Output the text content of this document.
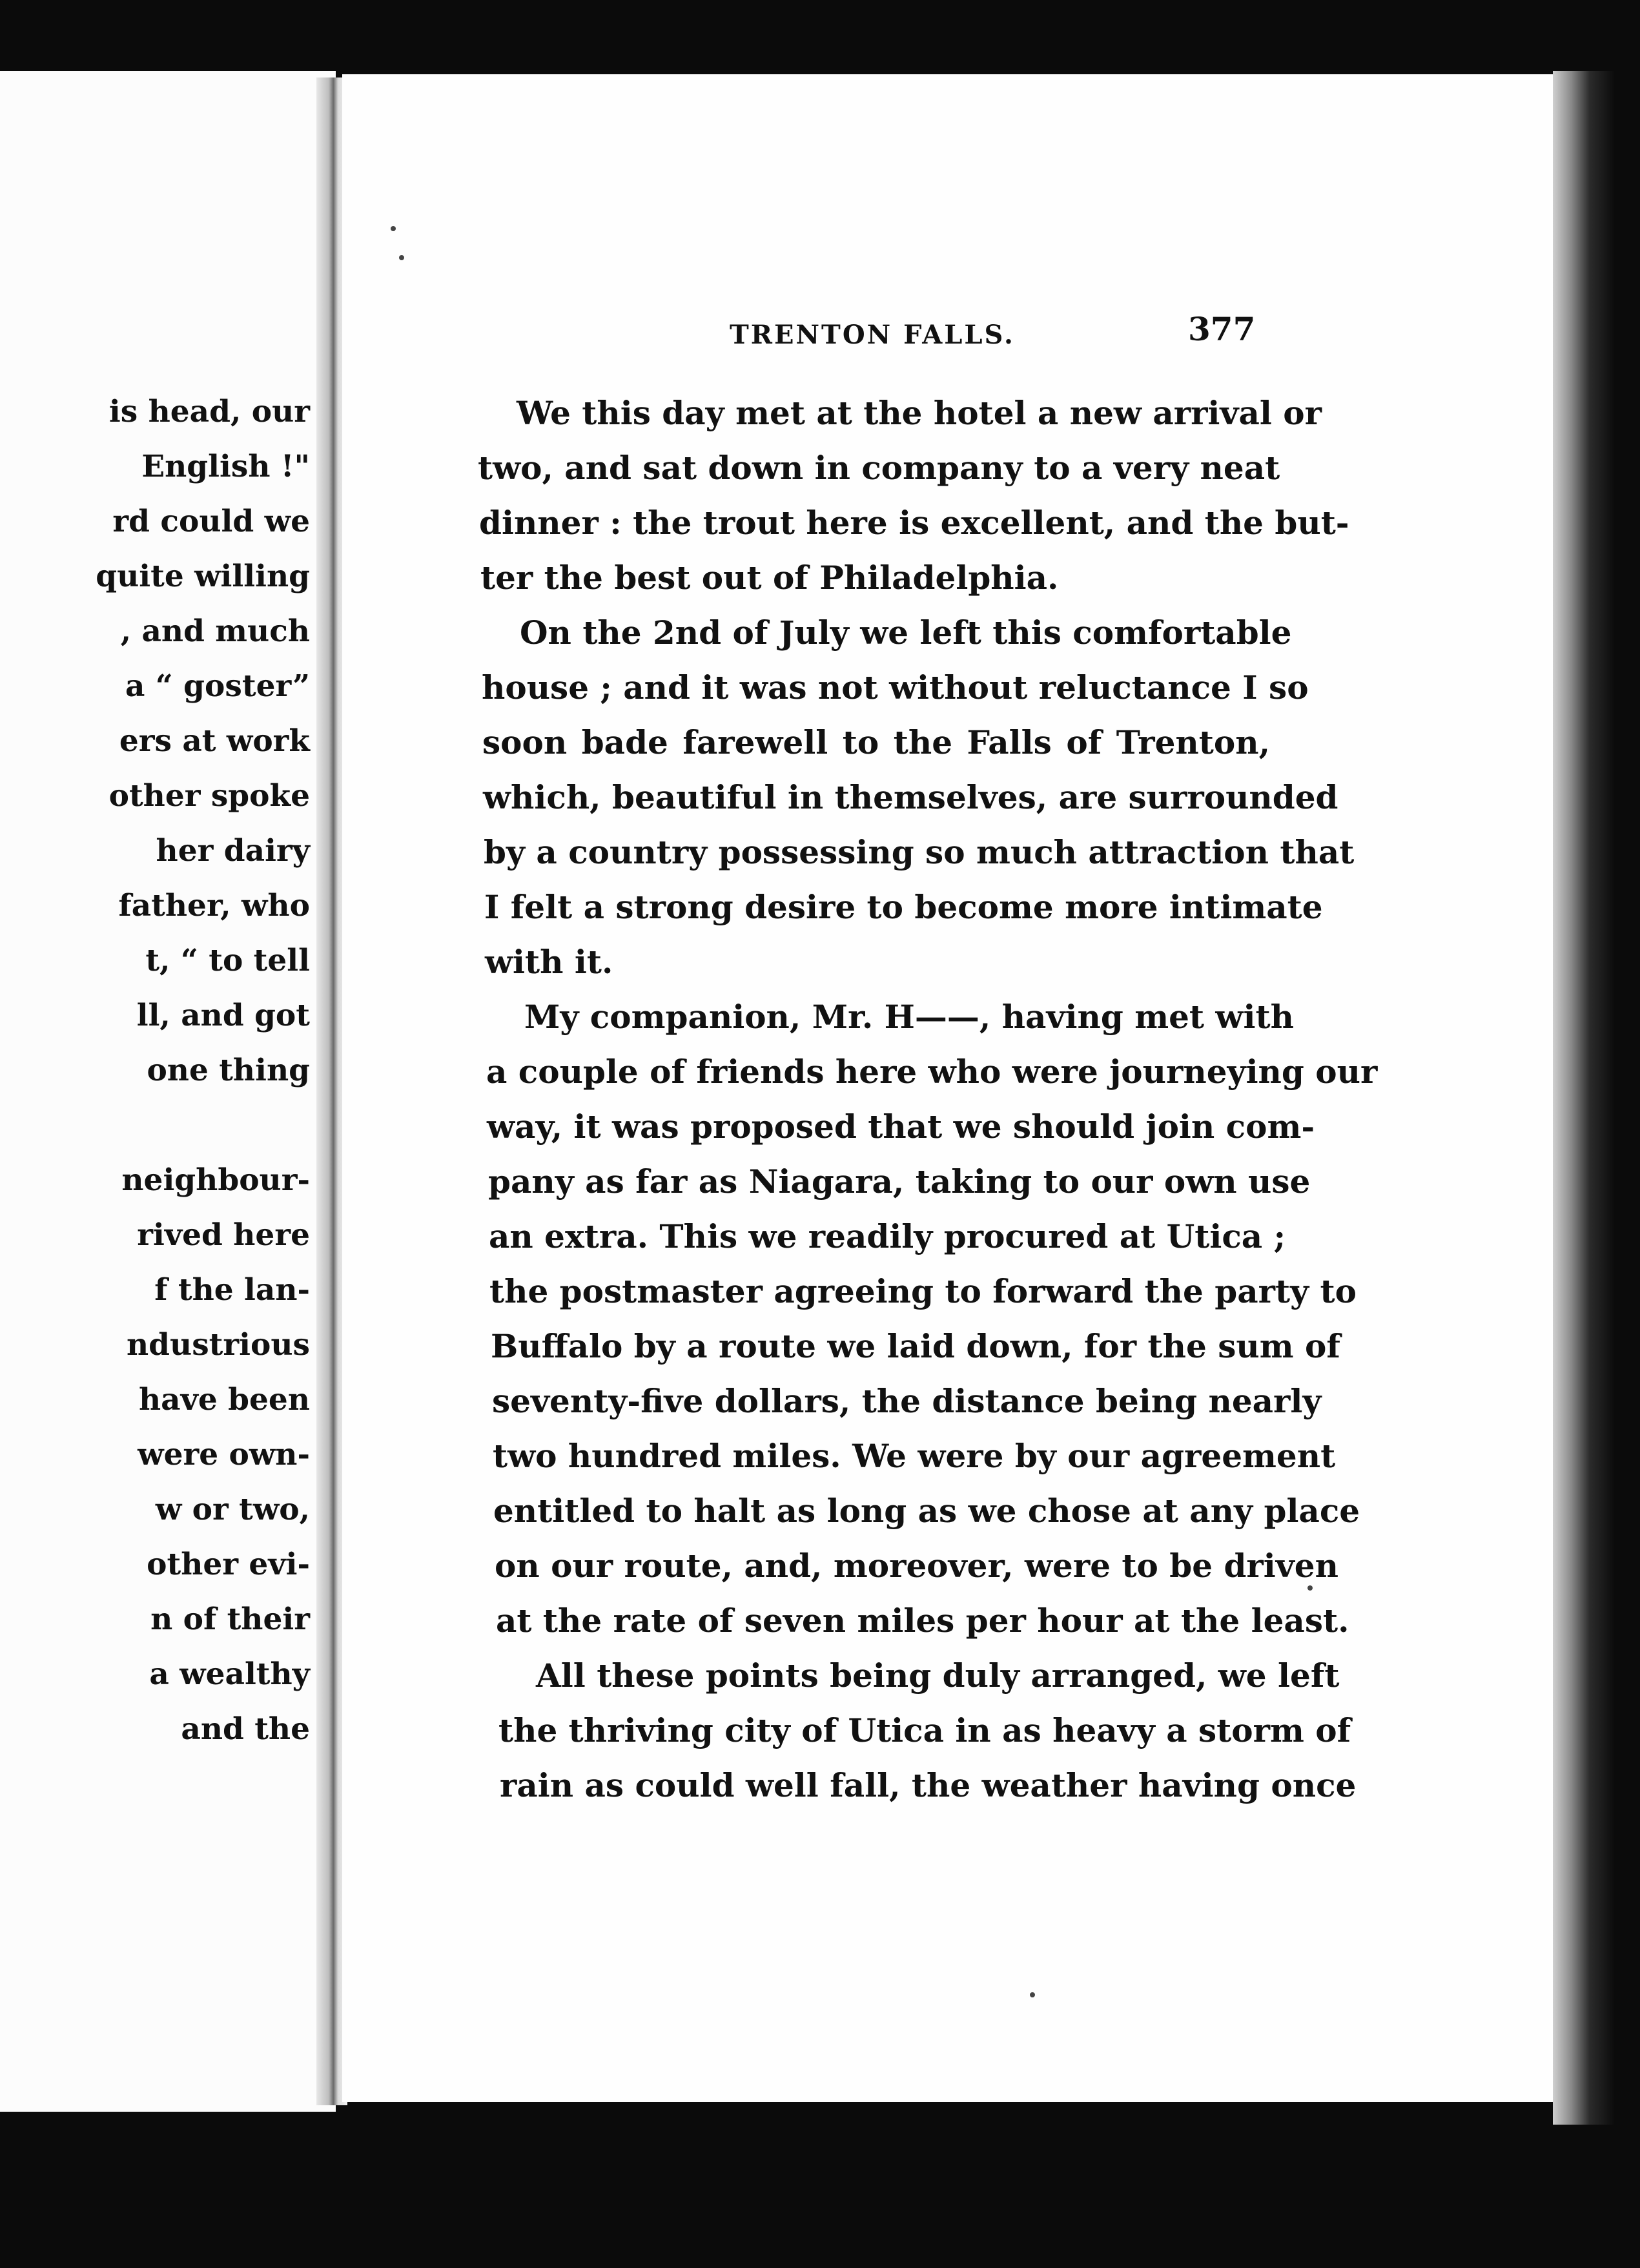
is head, our
English !"
rd could we
quite willing
, and much
a “ goster”
ers at work
other spoke
her dairy
father, who
t, “ to tell
ll, and got
one thing
neighbour-
rived here
f the lan-
ndustrious
have been
were own-
w or two,
other evi-
n of their
a wealthy
and the
TRENTON FALLS.	377
We this day met at the hotel a new arrival or
two, and sat down in company to a very neat
dinner : the trout here is excellent, and the but-
ter the best out of Philadelphia.
On the 2nd of July we left this comfortable
house ; and it was not without reluctance I so
soon bade farewell to the Falls of Trenton,
which, beautiful in themselves, are surrounded
by a country possessing so much attraction that
I felt a strong desire to become more intimate
with it.
My companion, Mr. H——, having met with
a couple of friends here who were journeying our
way, it was proposed that we should join com-
pany as far as Niagara, taking to our own use
an extra. This we readily procured at Utica ;
the postmaster agreeing to forward the party to
Buffalo by a route we laid down, for the sum of
seventy-five dollars, the distance being nearly
two hundred miles. We were by our agreement
entitled to halt as long as we chose at any place
on our route, and, moreover, were to be driven
at the rate of seven miles per hour at the least.
All these points being duly arranged, we left
the thriving city of Utica in as heavy a storm of
rain as could well fall, the weather having once
